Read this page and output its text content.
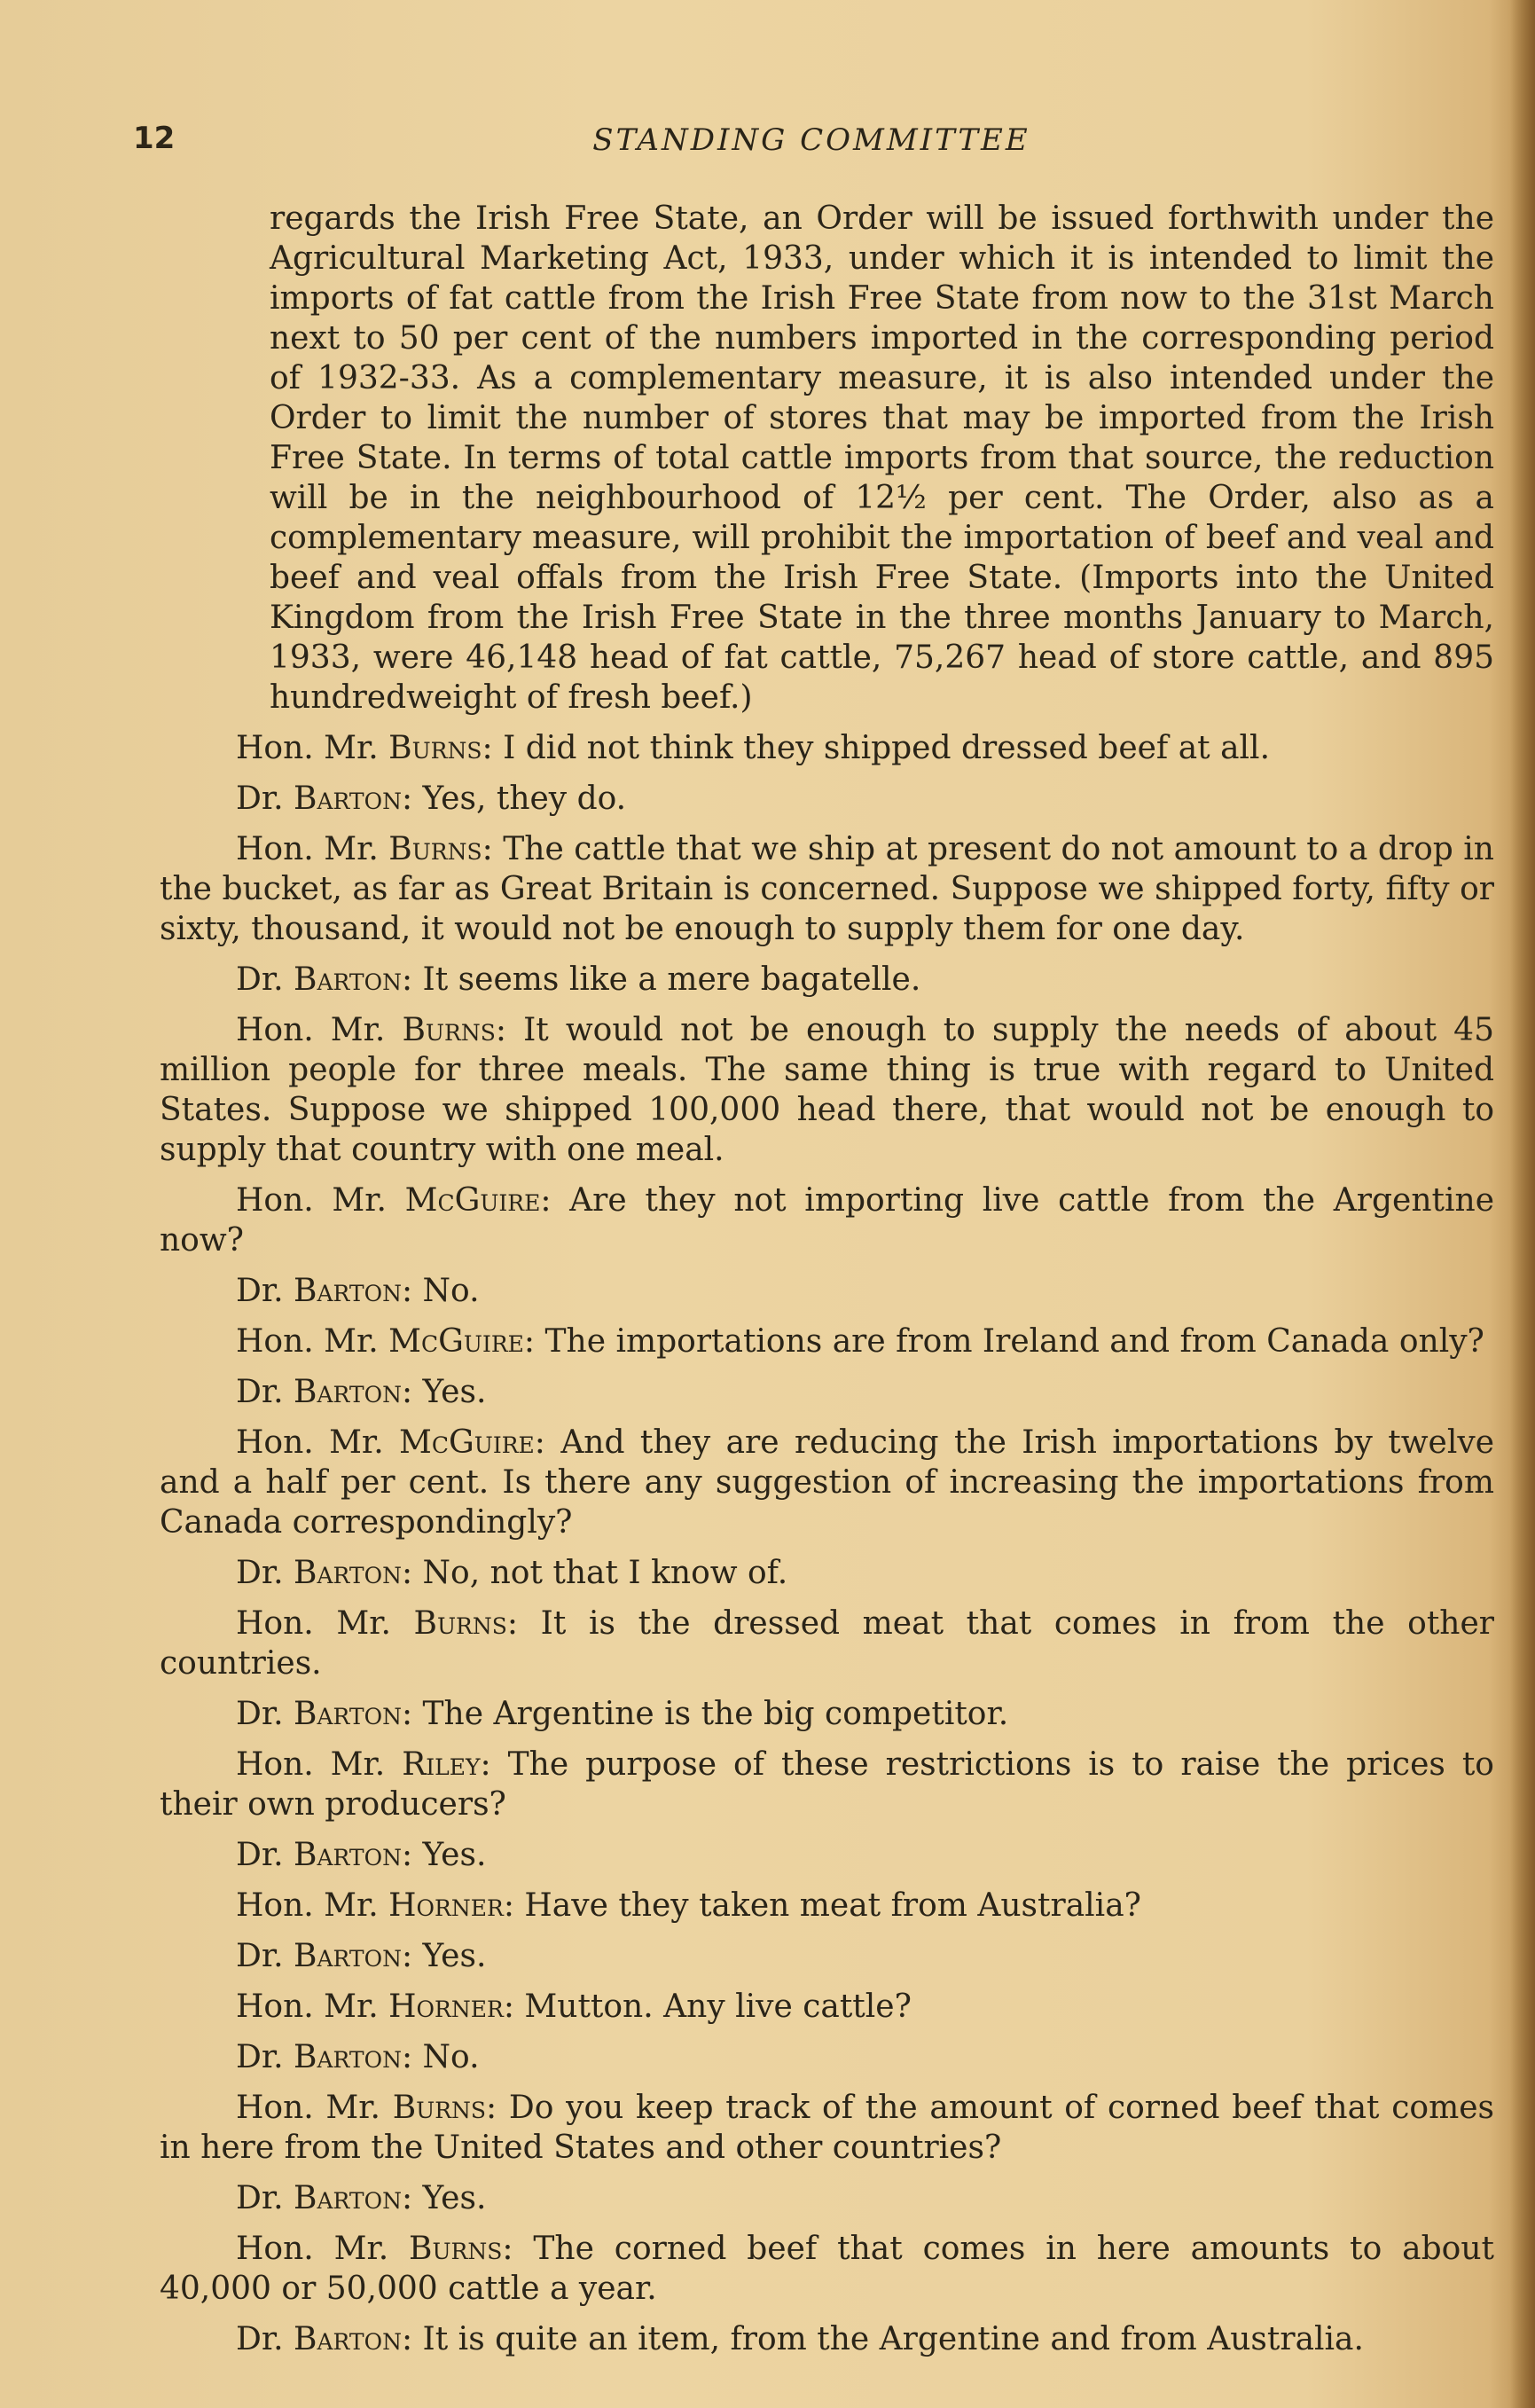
12	STANDING COMMITTEE

regards the Irish Free State, an Order will be issued forthwith under the Agricultural Marketing Act, 1933, under which it is intended to limit the imports of fat cattle from the Irish Free State from now to the 31st March next to 50 per cent of the numbers imported in the corresponding period of 1932-33. As a complementary measure, it is also intended under the Order to limit the number of stores that may be imported from the Irish Free State. In terms of total cattle imports from that source, the reduction will be in the neighbourhood of 12½ per cent. The Order, also as a complementary measure, will prohibit the importation of beef and veal and beef and veal offals from the Irish Free State. (Imports into the United Kingdom from the Irish Free State in the three months January to March, 1933, were 46,148 head of fat cattle, 75,267 head of store cattle, and 895 hundredweight of fresh beef.)

Hon. Mr. Burns: I did not think they shipped dressed beef at all.

Dr. Barton: Yes, they do.

Hon. Mr. Burns: The cattle that we ship at present do not amount to a drop in the bucket, as far as Great Britain is concerned. Suppose we shipped forty, fifty or sixty, thousand, it would not be enough to supply them for one day.

Dr. Barton: It seems like a mere bagatelle.

Hon. Mr. Burns: It would not be enough to supply the needs of about 45 million people for three meals. The same thing is true with regard to United States. Suppose we shipped 100,000 head there, that would not be enough to supply that country with one meal.

Hon. Mr. McGuire: Are they not importing live cattle from the Argentine now?

Dr. Barton: No.

Hon. Mr. McGuire: The importations are from Ireland and from Canada only?

Dr. Barton: Yes.

Hon. Mr. McGuire: And they are reducing the Irish importations by twelve and a half per cent. Is there any suggestion of increasing the importations from Canada correspondingly?

Dr. Barton: No, not that I know of.

Hon. Mr. Burns: It is the dressed meat that comes in from the other countries.

Dr. Barton: The Argentine is the big competitor.

Hon. Mr. Riley: The purpose of these restrictions is to raise the prices to their own producers?

Dr. Barton: Yes.

Hon. Mr. Horner: Have they taken meat from Australia?

Dr. Barton: Yes.

Hon. Mr. Horner: Mutton. Any live cattle?

Dr. Barton: No.

Hon. Mr. Burns: Do you keep track of the amount of corned beef that comes in here from the United States and other countries?

Dr. Barton: Yes.

Hon. Mr. Burns: The corned beef that comes in here amounts to about 40,000 or 50,000 cattle a year.

Dr. Barton: It is quite an item, from the Argentine and from Australia.
